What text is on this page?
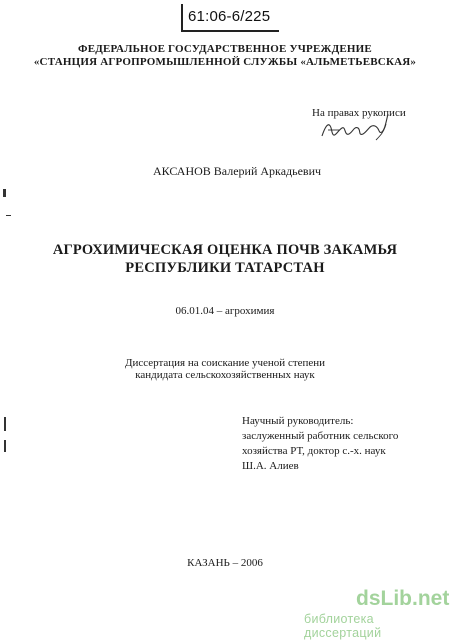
61:06-6/225
ФЕДЕРАЛЬНОЕ ГОСУДАРСТВЕННОЕ УЧРЕЖДЕНИЕ
«СТАНЦИЯ АГРОПРОМЫШЛЕННОЙ СЛУЖБЫ «АЛЬМЕТЬЕВСКАЯ»
На правах рукописи
АКСАНОВ Валерий Аркадьевич
АГРОХИМИЧЕСКАЯ ОЦЕНКА ПОЧВ ЗАКАМЬЯ
РЕСПУБЛИКИ ТАТАРСТАН
06.01.04 – агрохимия
Диссертация на соискание ученой степени
кандидата сельскохозяйственных наук
Научный руководитель:
заслуженный работник сельского
хозяйства РТ, доктор с.-х. наук
Ш.А. Алиев
КАЗАНЬ – 2006
dsLib.net
библиотека диссертаций
